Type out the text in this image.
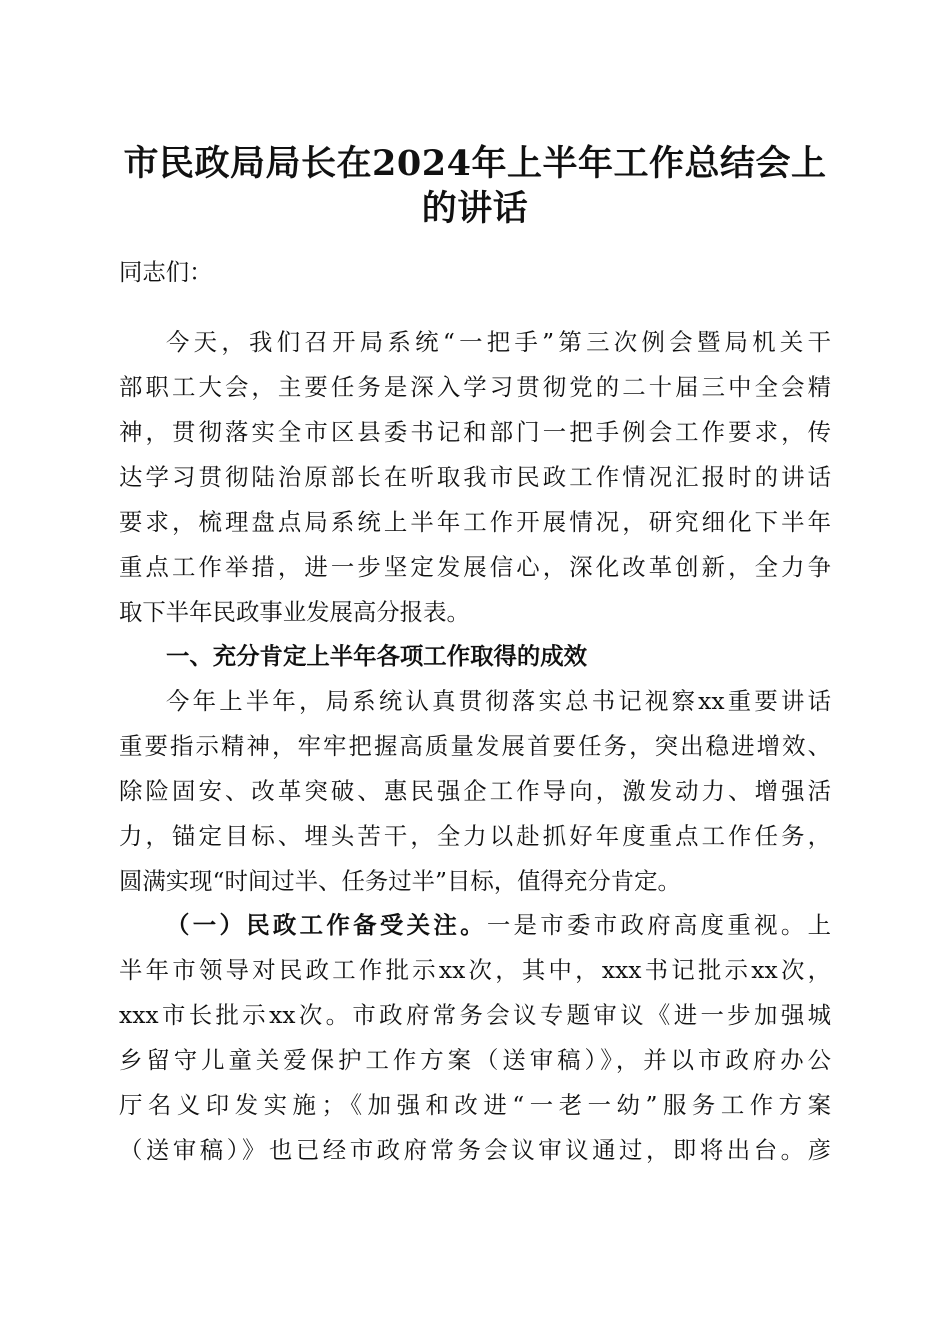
市民政局局长在2024年上半年工作总结会上
的讲话
同志们：
今天，我们召开局系统“一把手”第三次例会暨局机关干
部职工大会，主要任务是深入学习贯彻党的二十届三中全会精
神，贯彻落实全市区县委书记和部门一把手例会工作要求，传
达学习贯彻陆治原部长在听取我市民政工作情况汇报时的讲话
要求，梳理盘点局系统上半年工作开展情况，研究细化下半年
重点工作举措，进一步坚定发展信心，深化改革创新，全力争
取下半年民政事业发展高分报表。
一、充分肯定上半年各项工作取得的成效
今年上半年，局系统认真贯彻落实总书记视察xx重要讲话
重要指示精神，牢牢把握高质量发展首要任务，突出稳进增效、
除险固安、改革突破、惠民强企工作导向，激发动力、增强活
力，锚定目标、埋头苦干，全力以赴抓好年度重点工作任务，
圆满实现“时间过半、任务过半”目标，值得充分肯定。
（一）民政工作备受关注。一是市委市政府高度重视。上
半年市领导对民政工作批示xx次，其中，xxx书记批示xx次，
xxx市长批示xx次。市政府常务会议专题审议《进一步加强城
乡留守儿童关爱保护工作方案（送审稿）》，并以市政府办公
厅名义印发实施；《加强和改进“一老一幼”服务工作方案
（送审稿）》也已经市政府常务会议审议通过，即将出台。彦
